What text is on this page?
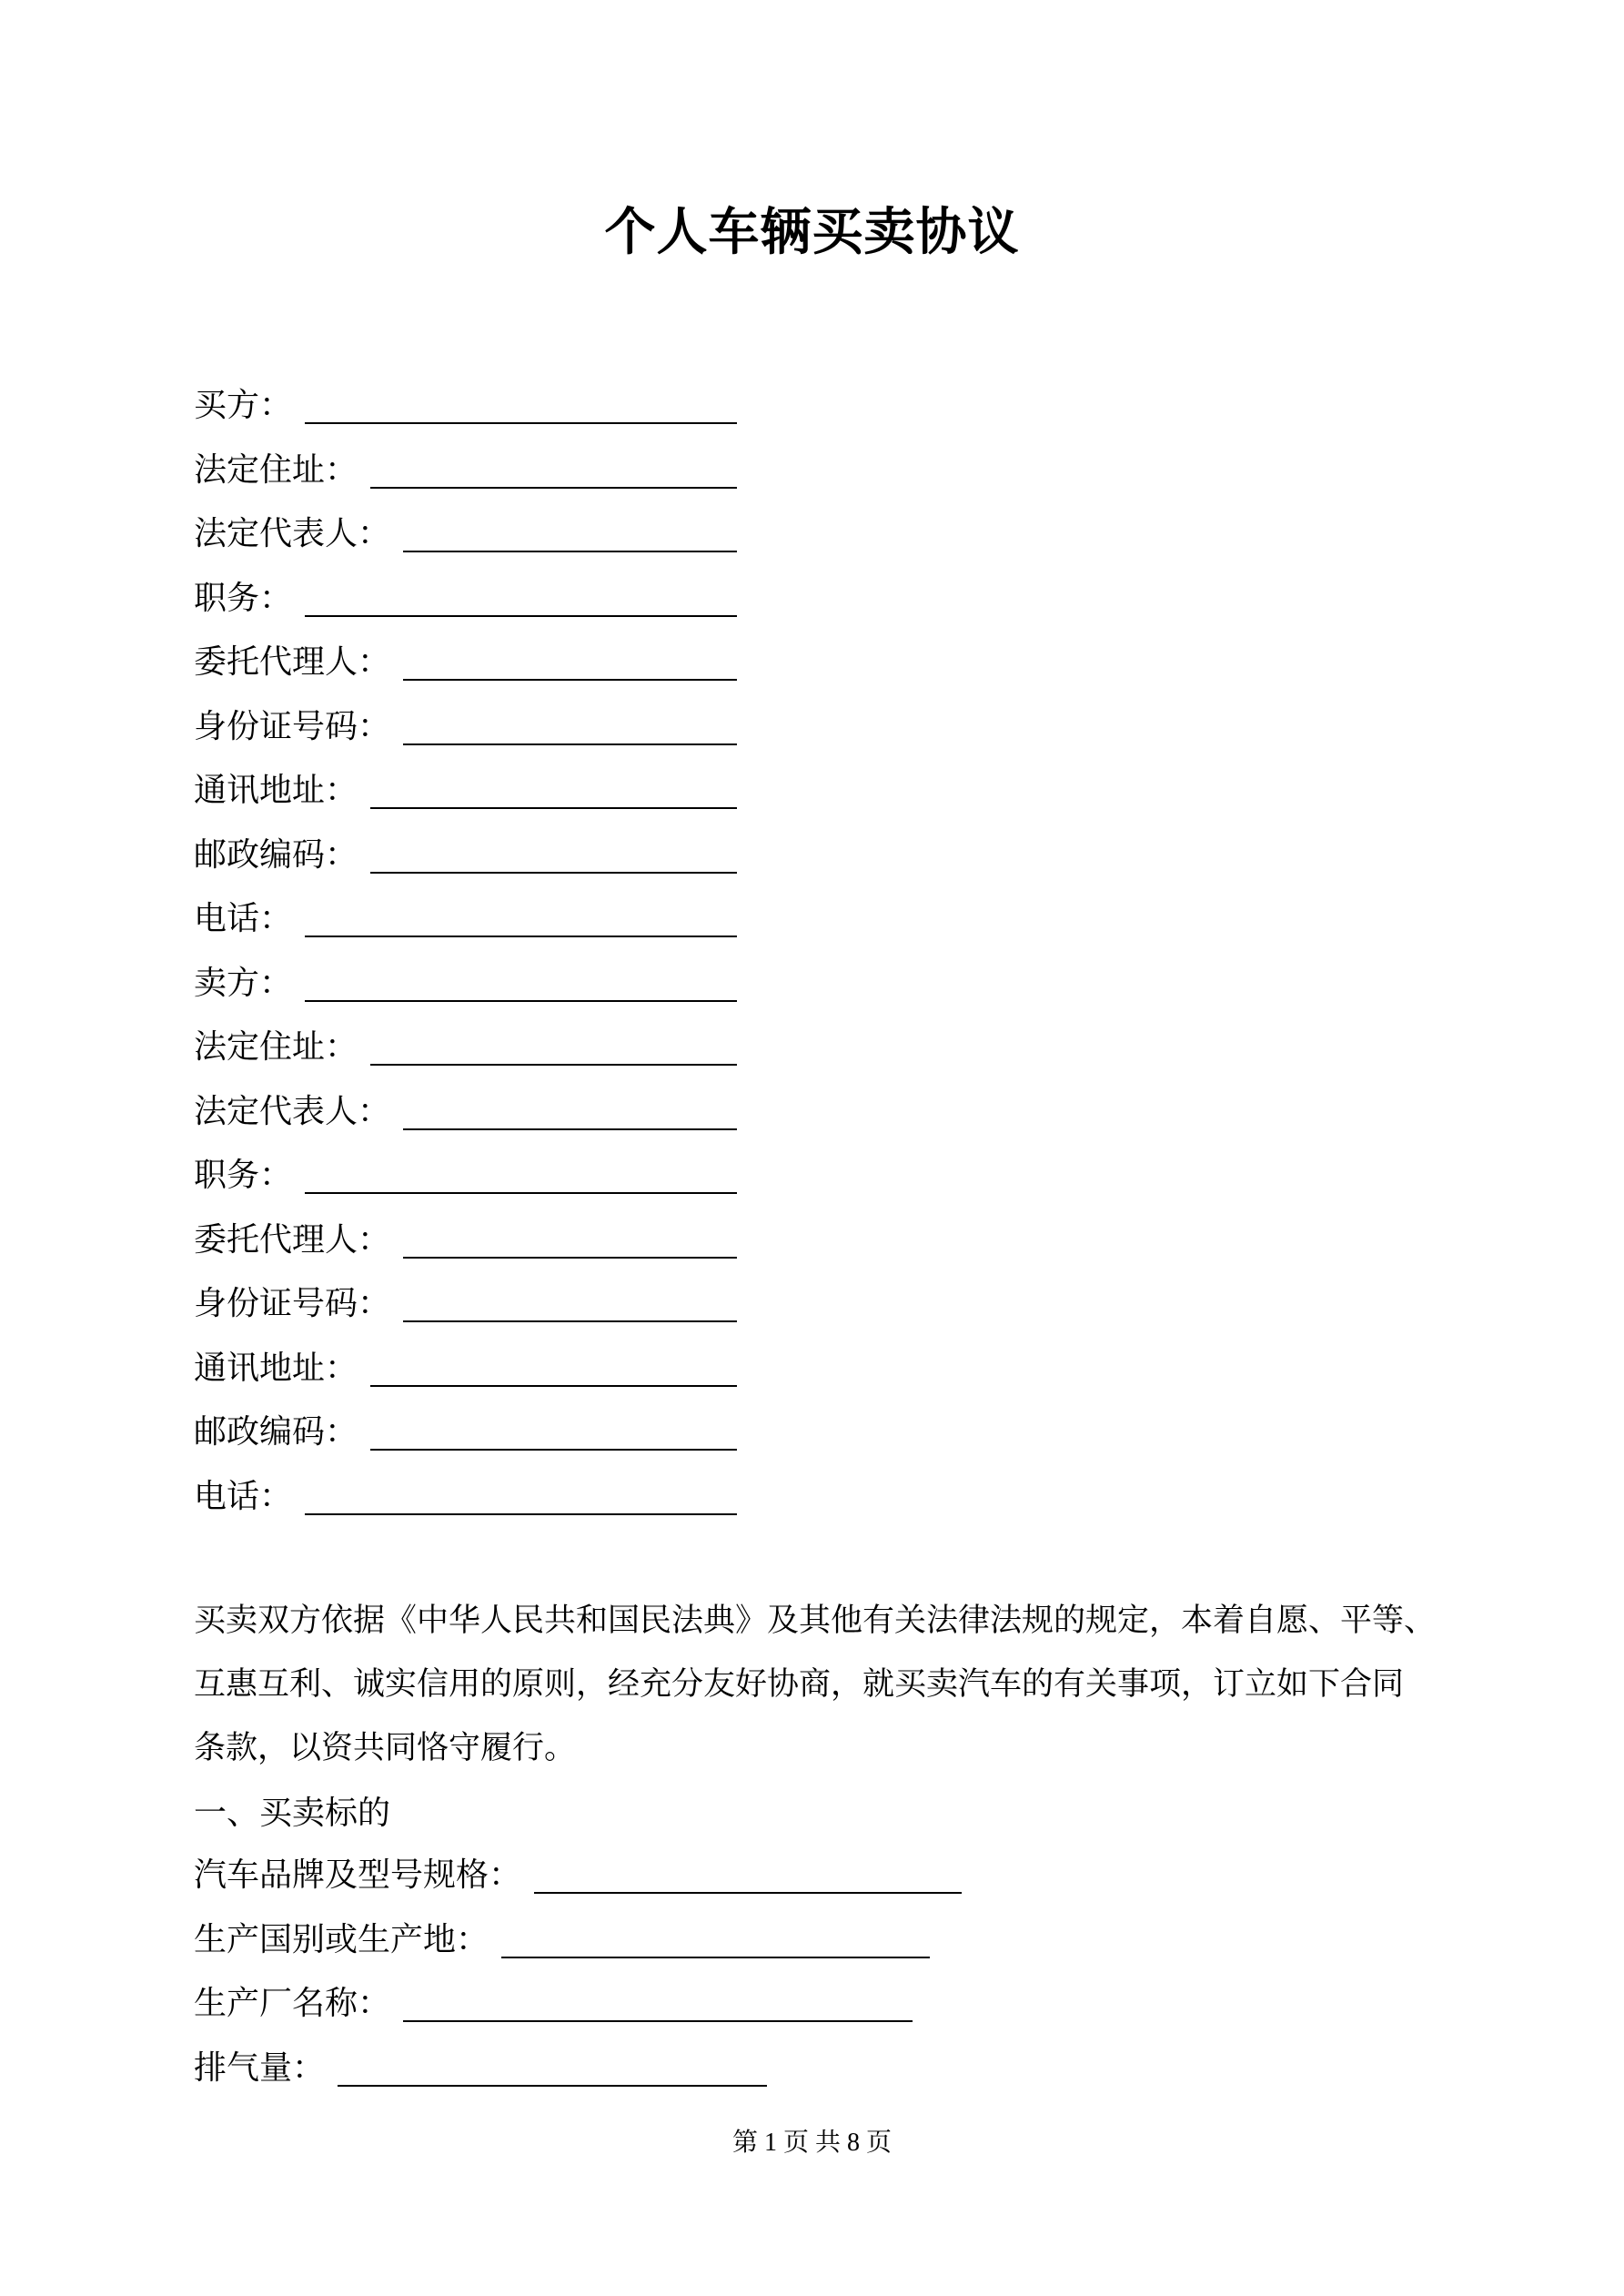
个人车辆买卖协议
买方：
法定住址：
法定代表人：
职务：
委托代理人：
身份证号码：
通讯地址：
邮政编码：
电话：
卖方：
法定住址：
法定代表人：
职务：
委托代理人：
身份证号码：
通讯地址：
邮政编码：
电话：
买卖双方依据《中华人民共和国民法典》及其他有关法律法规的规定，本着自愿、平等、
互惠互利、诚实信用的原则，经充分友好协商，就买卖汽车的有关事项，订立如下合同
条款，以资共同恪守履行。
一、买卖标的
汽车品牌及型号规格：
生产国别或生产地：
生产厂名称：
排气量：
第 1 页 共 8 页
